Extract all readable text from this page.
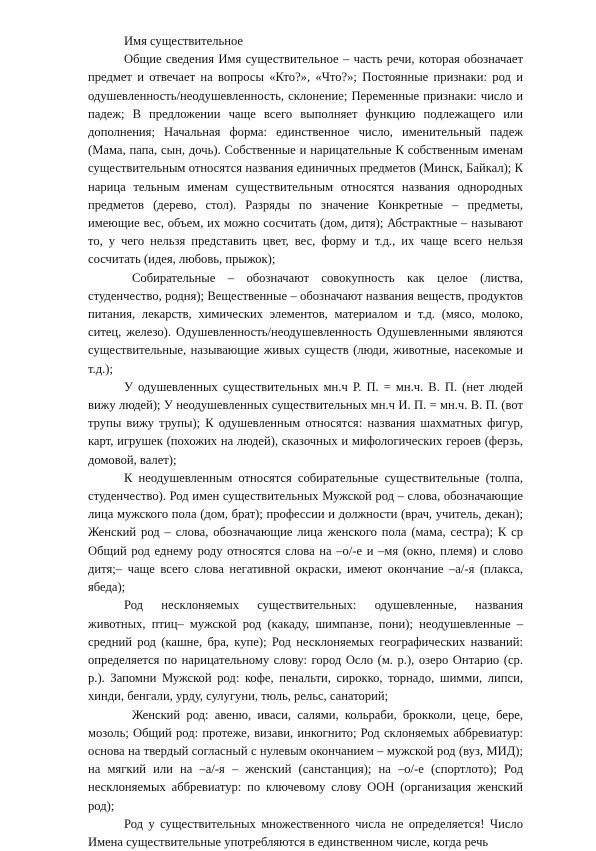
Имя существительное

Общие сведения Имя существительное – часть речи, которая обозначает предмет и отвечает на вопросы «Кто?», «Что?»; Постоянные признаки: род и одушевленность/неодушевленность, склонение; Переменные признаки: число и падеж; В предложении чаще всего выполняет функцию подлежащего или дополнения; Начальная форма: единственное число, именительный падеж (Мама, папа, сын, дочь). Собственные и нарицательные К собственным именам существительным относятся названия единичных предметов (Минск, Байкал); К нарица тельным именам существительным относятся названия однородных предметов (дерево, стол). Разряды по значение Конкретные – предметы, имеющие вес, объем, их можно сосчитать (дом, дитя); Абстрактные – называют то, у чего нельзя представить цвет, вес, форму и т.д., их чаще всего нельзя сосчитать (идея, любовь, прыжок);

Собирательные – обозначают совокупность как целое (листва, студенчество, родня); Вещественные – обозначают названия веществ, продуктов питания, лекарств, химических элементов, материалом и т.д. (мясо, молоко, ситец, железо). Одушевленность/неодушевленность Одушевленными являются существительные, называющие живых существ (люди, животные, насекомые и т.д.);

У одушевленных существительных мн.ч Р. П. = мн.ч. В. П. (нет людей вижу людей); У неодушевленных существительных мн.ч И. П. = мн.ч. В. П. (вот трупы вижу трупы); К одушевленным относятся: названия шахматных фигур, карт, игрушек (похожих на людей), сказочных и мифологических героев (ферзь, домовой, валет);

К неодушевленным относятся собирательные существительные (толпа, студенчество). Род имен существительных Мужской род – слова, обозначающие лица мужского пола (дом, брат); профессии и должности (врач, учитель, декан); Женский род – слова, обозначающие лица женского пола (мама, сестра); К ср Общий род еднему роду относятся слова на –о/-е и –мя (окно, племя) и слово дитя;– чаще всего слова негативной окраски, имеют окончание –а/-я (плакса, ябеда);

Род несклоняемых существительных: одушевленные, названия животных, птиц– мужской род (какаду, шимпанзе, пони); неодушевленные – средний род (кашне, бра, купе); Род несклоняемых географических названий: определяется по нарицательному слову: город Осло (м. р.), озеро Онтарио (ср. р.). Запомни Мужской род: кофе, пенальти, сирокко, торнадо, шимми, липси, хинди, бенгали, урду, сулугуни, тюль, рельс, санаторий;

Женский род: авеню, иваси, салями, кольраби, брокколи, цеце, бере, мозоль; Общий род: протеже, визави, инкогнито; Род склоняемых аббревиатур: основа на твердый согласный с нулевым окончанием – мужской род (вуз, МИД); на мягкий или на –а/-я – женский (санстанция); на –о/-е (спортлото); Род несклоняемых аббревиатур: по ключевому слову ООН (организация женский род);

Род у существительных множественного числа не определяется! Число Имена существительные употребляются в единственном числе, когда речь
